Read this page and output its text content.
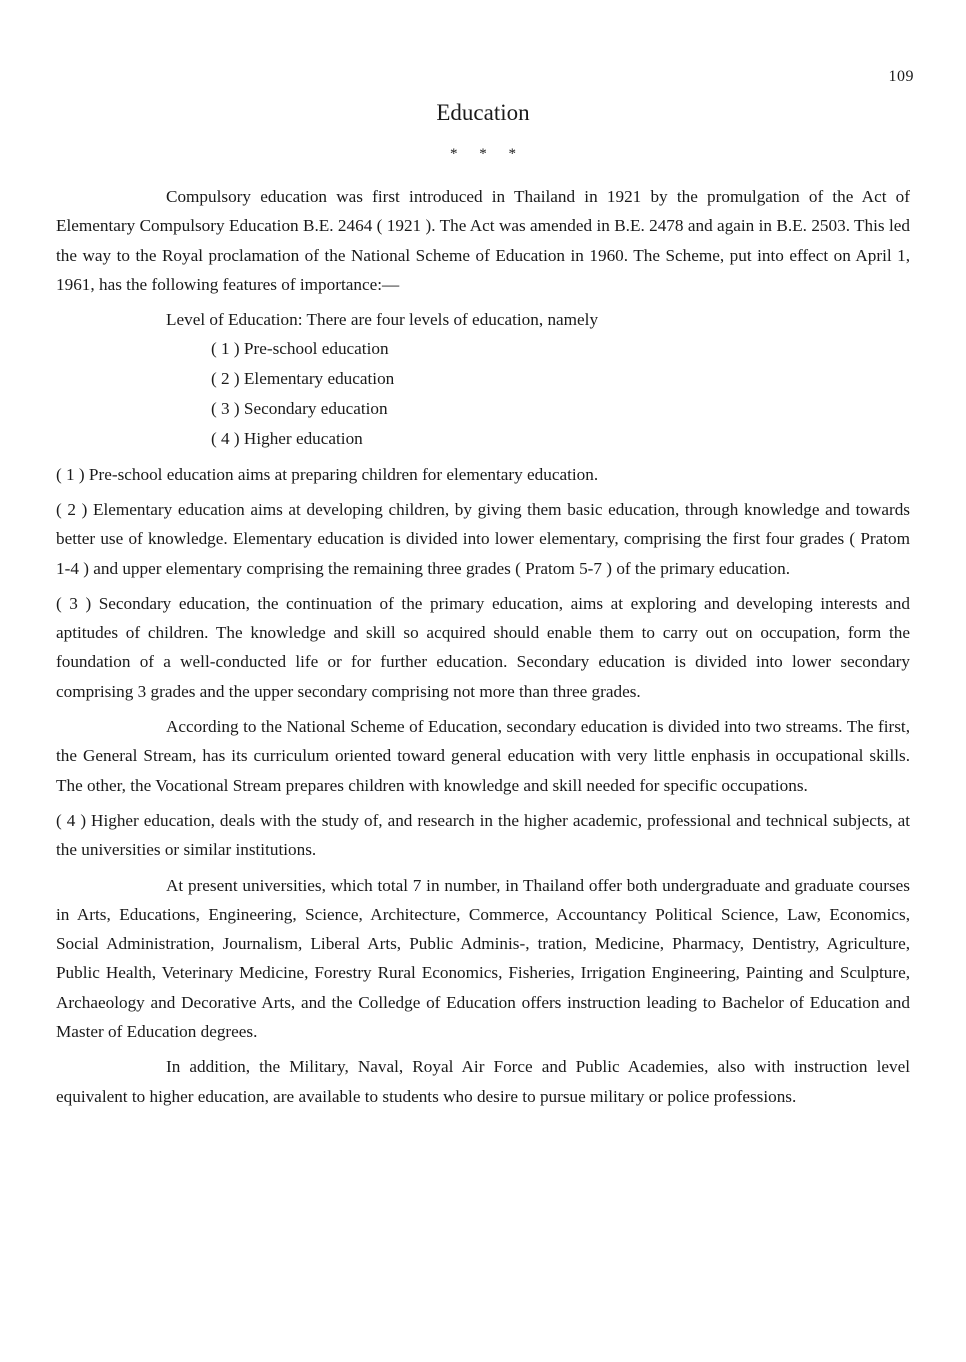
109
Education
* * *

Compulsory education was first introduced in Thailand in 1921 by the promulgation of the Act of Elementary Compulsory Education B.E. 2464 ( 1921 ). The Act was amended in B.E. 2478 and again in B.E. 2503. This led the way to the Royal proclamation of the National Scheme of Education in 1960. The Scheme, put into effect on April 1, 1961, has the following features of importance:—

Level of Education: There are four levels of education, namely

( 1 ) Pre-school education
( 2 ) Elementary education
( 3 ) Secondary education
( 4 ) Higher education

( 1 ) Pre-school education aims at preparing children for elementary education.

( 2 ) Elementary education aims at developing children, by giving them basic education, through knowledge and towards better use of knowledge. Elementary education is divided into lower elementary, comprising the first four grades ( Pratom 1-4 ) and upper elementary comprising the remaining three grades ( Pratom 5-7 ) of the primary education.

( 3 ) Secondary education, the continuation of the primary education, aims at exploring and developing interests and aptitudes of children. The knowledge and skill so acquired should enable them to carry out on occupation, form the foundation of a well-conducted life or for further education. Secondary education is divided into lower secondary comprising 3 grades and the upper secondary comprising not more than three grades.

According to the National Scheme of Education, secondary education is divided into two streams. The first, the General Stream, has its curriculum oriented toward general education with very little enphasis in occupational skills. The other, the Vocational Stream prepares children with knowledge and skill needed for specific occupations.

( 4 ) Higher education, deals with the study of, and research in the higher academic, professional and technical subjects, at the universities or similar institutions.

At present universities, which total 7 in number, in Thailand offer both undergraduate and graduate courses in Arts, Educations, Engineering, Science, Architecture, Commerce, Accountancy Political Science, Law, Economics, Social Administration, Journalism, Liberal Arts, Public Adminis-, tration, Medicine, Pharmacy, Dentistry, Agriculture, Public Health, Veterinary Medicine, Forestry Rural Economics, Fisheries, Irrigation Engineering, Painting and Sculpture, Archaeology and Decorative Arts, and the Colledge of Education offers instruction leading to Bachelor of Education and Master of Education degrees.

In addition, the Military, Naval, Royal Air Force and Public Academies, also with instruction level equivalent to higher education, are available to students who desire to pursue military or police professions.
